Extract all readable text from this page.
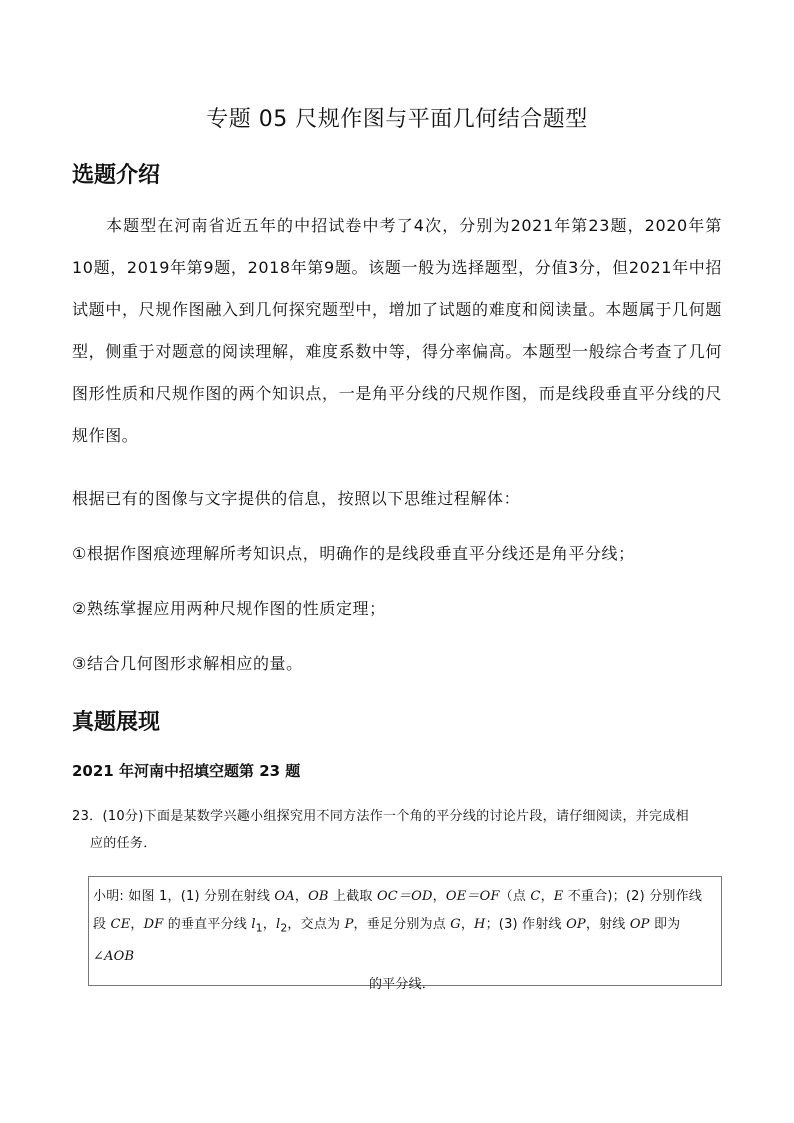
专题 05 尺规作图与平面几何结合题型
选题介绍

本题型在河南省近五年的中招试卷中考了4次，分别为2021年第23题，2020年第10题，2019年第9题，2018年第9题。该题一般为选择题型，分值3分，但2021年中招试题中，尺规作图融入到几何探究题型中，增加了试题的难度和阅读量。本题属于几何题型，侧重于对题意的阅读理解，难度系数中等，得分率偏高。本题型一般综合考查了几何图形性质和尺规作图的两个知识点，一是角平分线的尺规作图，而是线段垂直平分线的尺规作图。

根据已有的图像与文字提供的信息，按照以下思维过程解体：
①根据作图痕迹理解所考知识点，明确作的是线段垂直平分线还是角平分线；
②熟练掌握应用两种尺规作图的性质定理；
③结合几何图形求解相应的量。
真题展现
2021 年河南中招填空题第 23 题
23．(10分)下面是某数学兴趣小组探究用不同方法作一个角的平分线的讨论片段，请仔细阅读，并完成相
应的任务．
小明: 如图 1，(1) 分别在射线 OA，OB 上截取 OC＝OD，OE＝OF（点 C，E 不重合)；(2) 分别作线
段 CE，DF 的垂直平分线 $l_1$，$l_2$，交点为 P，垂足分别为点 G，H；(3) 作射线 OP，射线 OP 即为∠AOB
的平分线．
